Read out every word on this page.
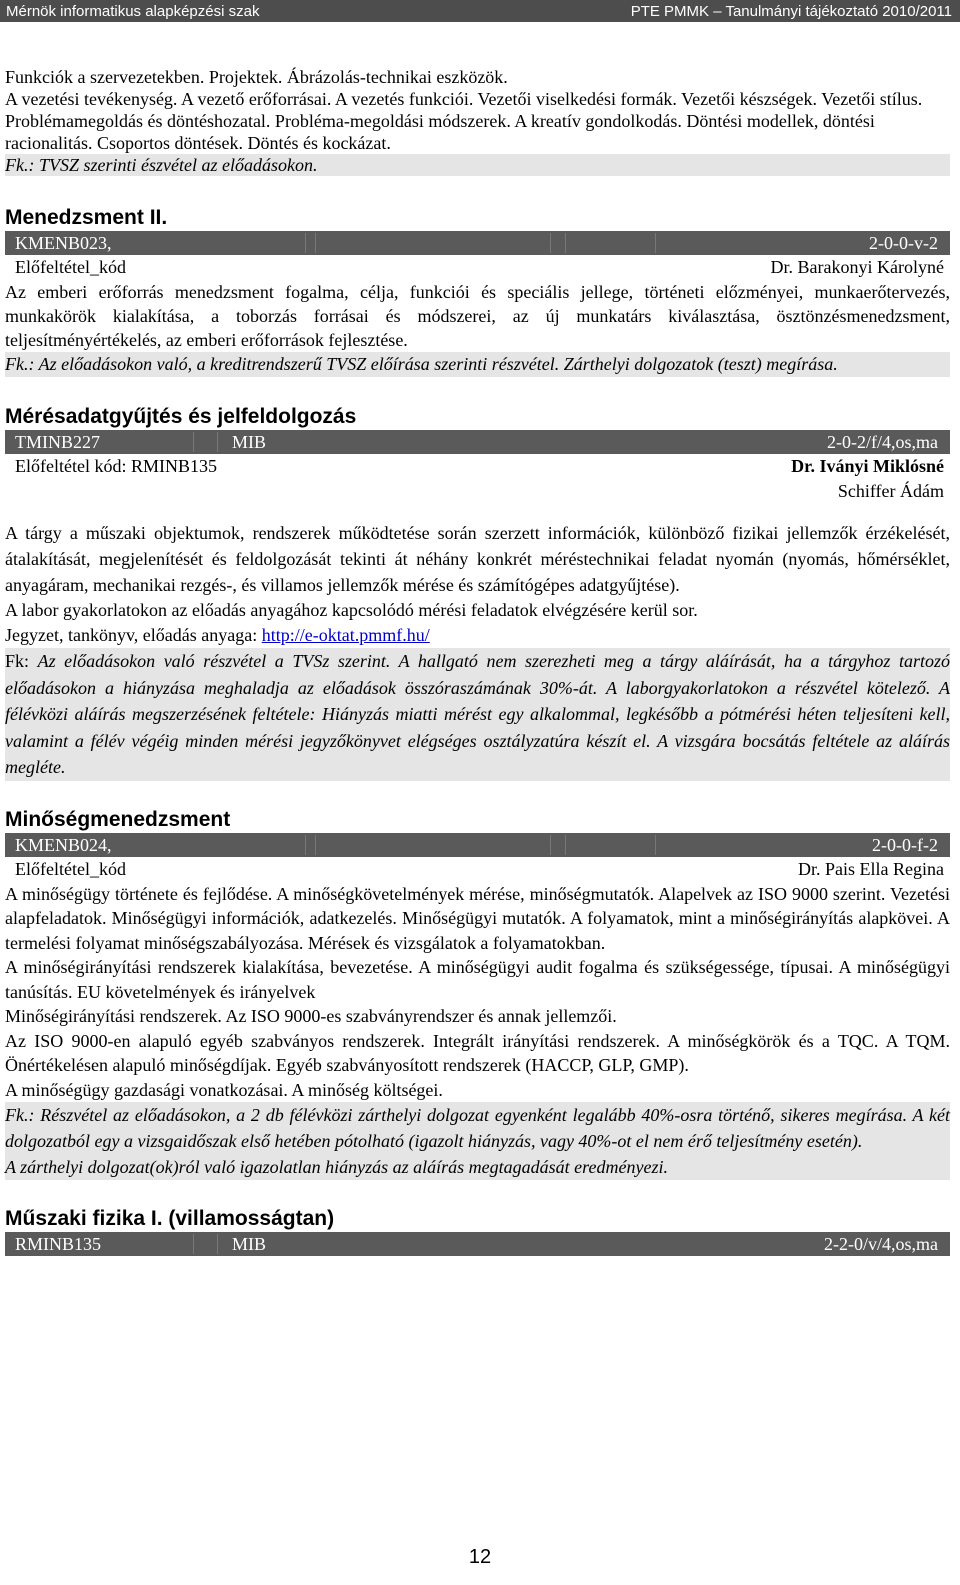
Mérnök informatikus alapképzési szak	PTE PMMK – Tanulmányi tájékoztató 2010/2011
Funkciók a szervezetekben. Projektek. Ábrázolás-technikai eszközök.
A vezetési tevékenység. A vezető erőforrásai. A vezetés funkciói. Vezetői viselkedési formák. Vezetői készségek. Vezetői stílus.
Problémamegoldás és döntéshozatal. Probléma-megoldási módszerek. A kreatív gondolkodás. Döntési modellek, döntési racionalitás. Csoportos döntések. Döntés és kockázat.
Fk.: TVSZ szerinti észvétel az előadásokon.
Menedzsment II.
KMENB023,	2-0-0-v-2
Előfeltétel_kód	Dr. Barakonyi Károlyné
Az emberi erőforrás menedzsment fogalma, célja, funkciói és speciális jellege, történeti előzményei, munkaerőtervezés, munkakörök kialakítása, a toborzás forrásai és módszerei, az új munkatárs kiválasztása, ösztönzésmenedzsment, teljesítményértékelés, az emberi erőforrások fejlesztése.
Fk.: Az előadásokon való, a kreditrendszerű TVSZ előírása szerinti részvétel. Zárthelyi dolgozatok (teszt) megírása.
Mérésadatgyűjtés és jelfeldolgozás
TMINB227	MIB	2-0-2/f/4,os,ma
Előfeltétel kód: RMINB135	Dr. Iványi Miklósné
Schiffer Ádám
A tárgy a műszaki objektumok, rendszerek működtetése során szerzett információk, különböző fizikai jellemzők érzékelését, átalakítását, megjelenítését és feldolgozását tekinti át néhány konkrét méréstechnikai feladat nyomán (nyomás, hőmérséklet, anyagáram, mechanikai rezgés-, és villamos jellemzők mérése és számítógépes adatgyűjtése).
A labor gyakorlatokon az előadás anyagához kapcsolódó mérési feladatok elvégzésére kerül sor.
Jegyzet, tankönyv, előadás anyaga: http://e-oktat.pmmf.hu/
Fk: Az előadásokon való részvétel a TVSz szerint. A hallgató nem szerezheti meg a tárgy aláírását, ha a tárgyhoz tartozó előadásokon a hiányzása meghaladja az előadások összóraszámának 30%-át. A laborgyakorlatokon a részvétel kötelező. A félévközi aláírás megszerzésének feltétele: Hiányzás miatti mérést egy alkalommal, legkésőbb a pótmérési héten teljesíteni kell, valamint a félév végéig minden mérési jegyzőkönyvet elégséges osztályzatúra készít el. A vizsgára bocsátás feltétele az aláírás megléte.
Minőségmenedzsment
KMENB024,	2-0-0-f-2
Előfeltétel_kód	Dr. Pais Ella Regina
A minőségügy története és fejlődése. A minőségkövetelmények mérése, minőségmutatók. Alapelvek az ISO 9000 szerint. Vezetési alapfeladatok. Minőségügyi információk, adatkezelés. Minőségügyi mutatók. A folyamatok, mint a minőségirányítás alapkövei. A termelési folyamat minőségszabályozása. Mérések és vizsgálatok a folyamatokban.
A minőségirányítási rendszerek kialakítása, bevezetése. A minőségügyi audit fogalma és szükségessége, típusai. A minőségügyi tanúsítás. EU követelmények és irányelvek
Minőségirányítási rendszerek. Az ISO 9000-es szabványrendszer és annak jellemzői.
Az ISO 9000-en alapuló egyéb szabványos rendszerek. Integrált irányítási rendszerek. A minőségkörök és a TQC. A TQM. Önértékelésen alapuló minőségdíjak. Egyéb szabványosított rendszerek (HACCP, GLP, GMP).
A minőségügy gazdasági vonatkozásai. A minőség költségei.
Fk.: Részvétel az előadásokon, a 2 db félévközi zárthelyi dolgozat egyenként legalább 40%-osra történő, sikeres megírása. A két dolgozatból egy a vizsgaidőszak első hetében pótolható (igazolt hiányzás, vagy 40%-ot el nem érő teljesítmény esetén).
A zárthelyi dolgozat(ok)ról való igazolatlan hiányzás az aláírás megtagadását eredményezi.
Műszaki fizika I. (villamosságtan)
RMINB135	MIB	2-2-0/v/4,os,ma
12
